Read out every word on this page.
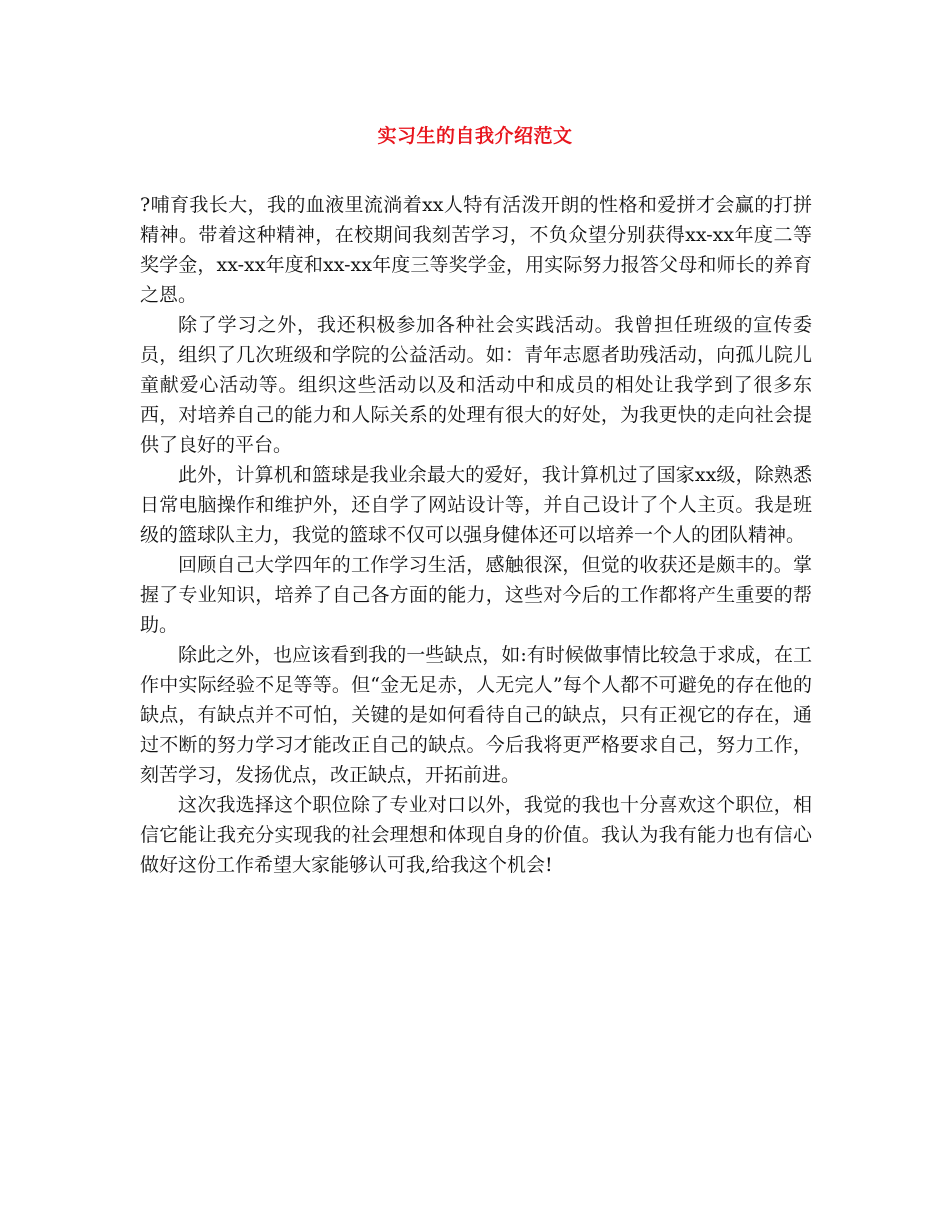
实习生的自我介绍范文

?哺育我长大，我的血液里流淌着xx人特有活泼开朗的性格和爱拼才会赢的打拼精神。带着这种精神，在校期间我刻苦学习，不负众望分别获得xx-xx年度二等奖学金，xx-xx年度和xx-xx年度三等奖学金，用实际努力报答父母和师长的养育之恩。

除了学习之外，我还积极参加各种社会实践活动。我曾担任班级的宣传委员，组织了几次班级和学院的公益活动。如：青年志愿者助残活动，向孤儿院儿童献爱心活动等。组织这些活动以及和活动中和成员的相处让我学到了很多东西，对培养自己的能力和人际关系的处理有很大的好处，为我更快的走向社会提供了良好的平台。

此外，计算机和篮球是我业余最大的爱好，我计算机过了国家xx级，除熟悉日常电脑操作和维护外，还自学了网站设计等，并自己设计了个人主页。我是班级的篮球队主力，我觉的篮球不仅可以强身健体还可以培养一个人的团队精神。

回顾自己大学四年的工作学习生活，感触很深，但觉的收获还是颇丰的。掌握了专业知识，培养了自己各方面的能力，这些对今后的工作都将产生重要的帮助。

除此之外，也应该看到我的一些缺点，如:有时候做事情比较急于求成，在工作中实际经验不足等等。但“金无足赤，人无完人”每个人都不可避免的存在他的缺点，有缺点并不可怕，关键的是如何看待自己的缺点，只有正视它的存在，通过不断的努力学习才能改正自己的缺点。今后我将更严格要求自己，努力工作，刻苦学习，发扬优点，改正缺点，开拓前进。

这次我选择这个职位除了专业对口以外，我觉的我也十分喜欢这个职位，相信它能让我充分实现我的社会理想和体现自身的价值。我认为我有能力也有信心做好这份工作希望大家能够认可我,给我这个机会!
